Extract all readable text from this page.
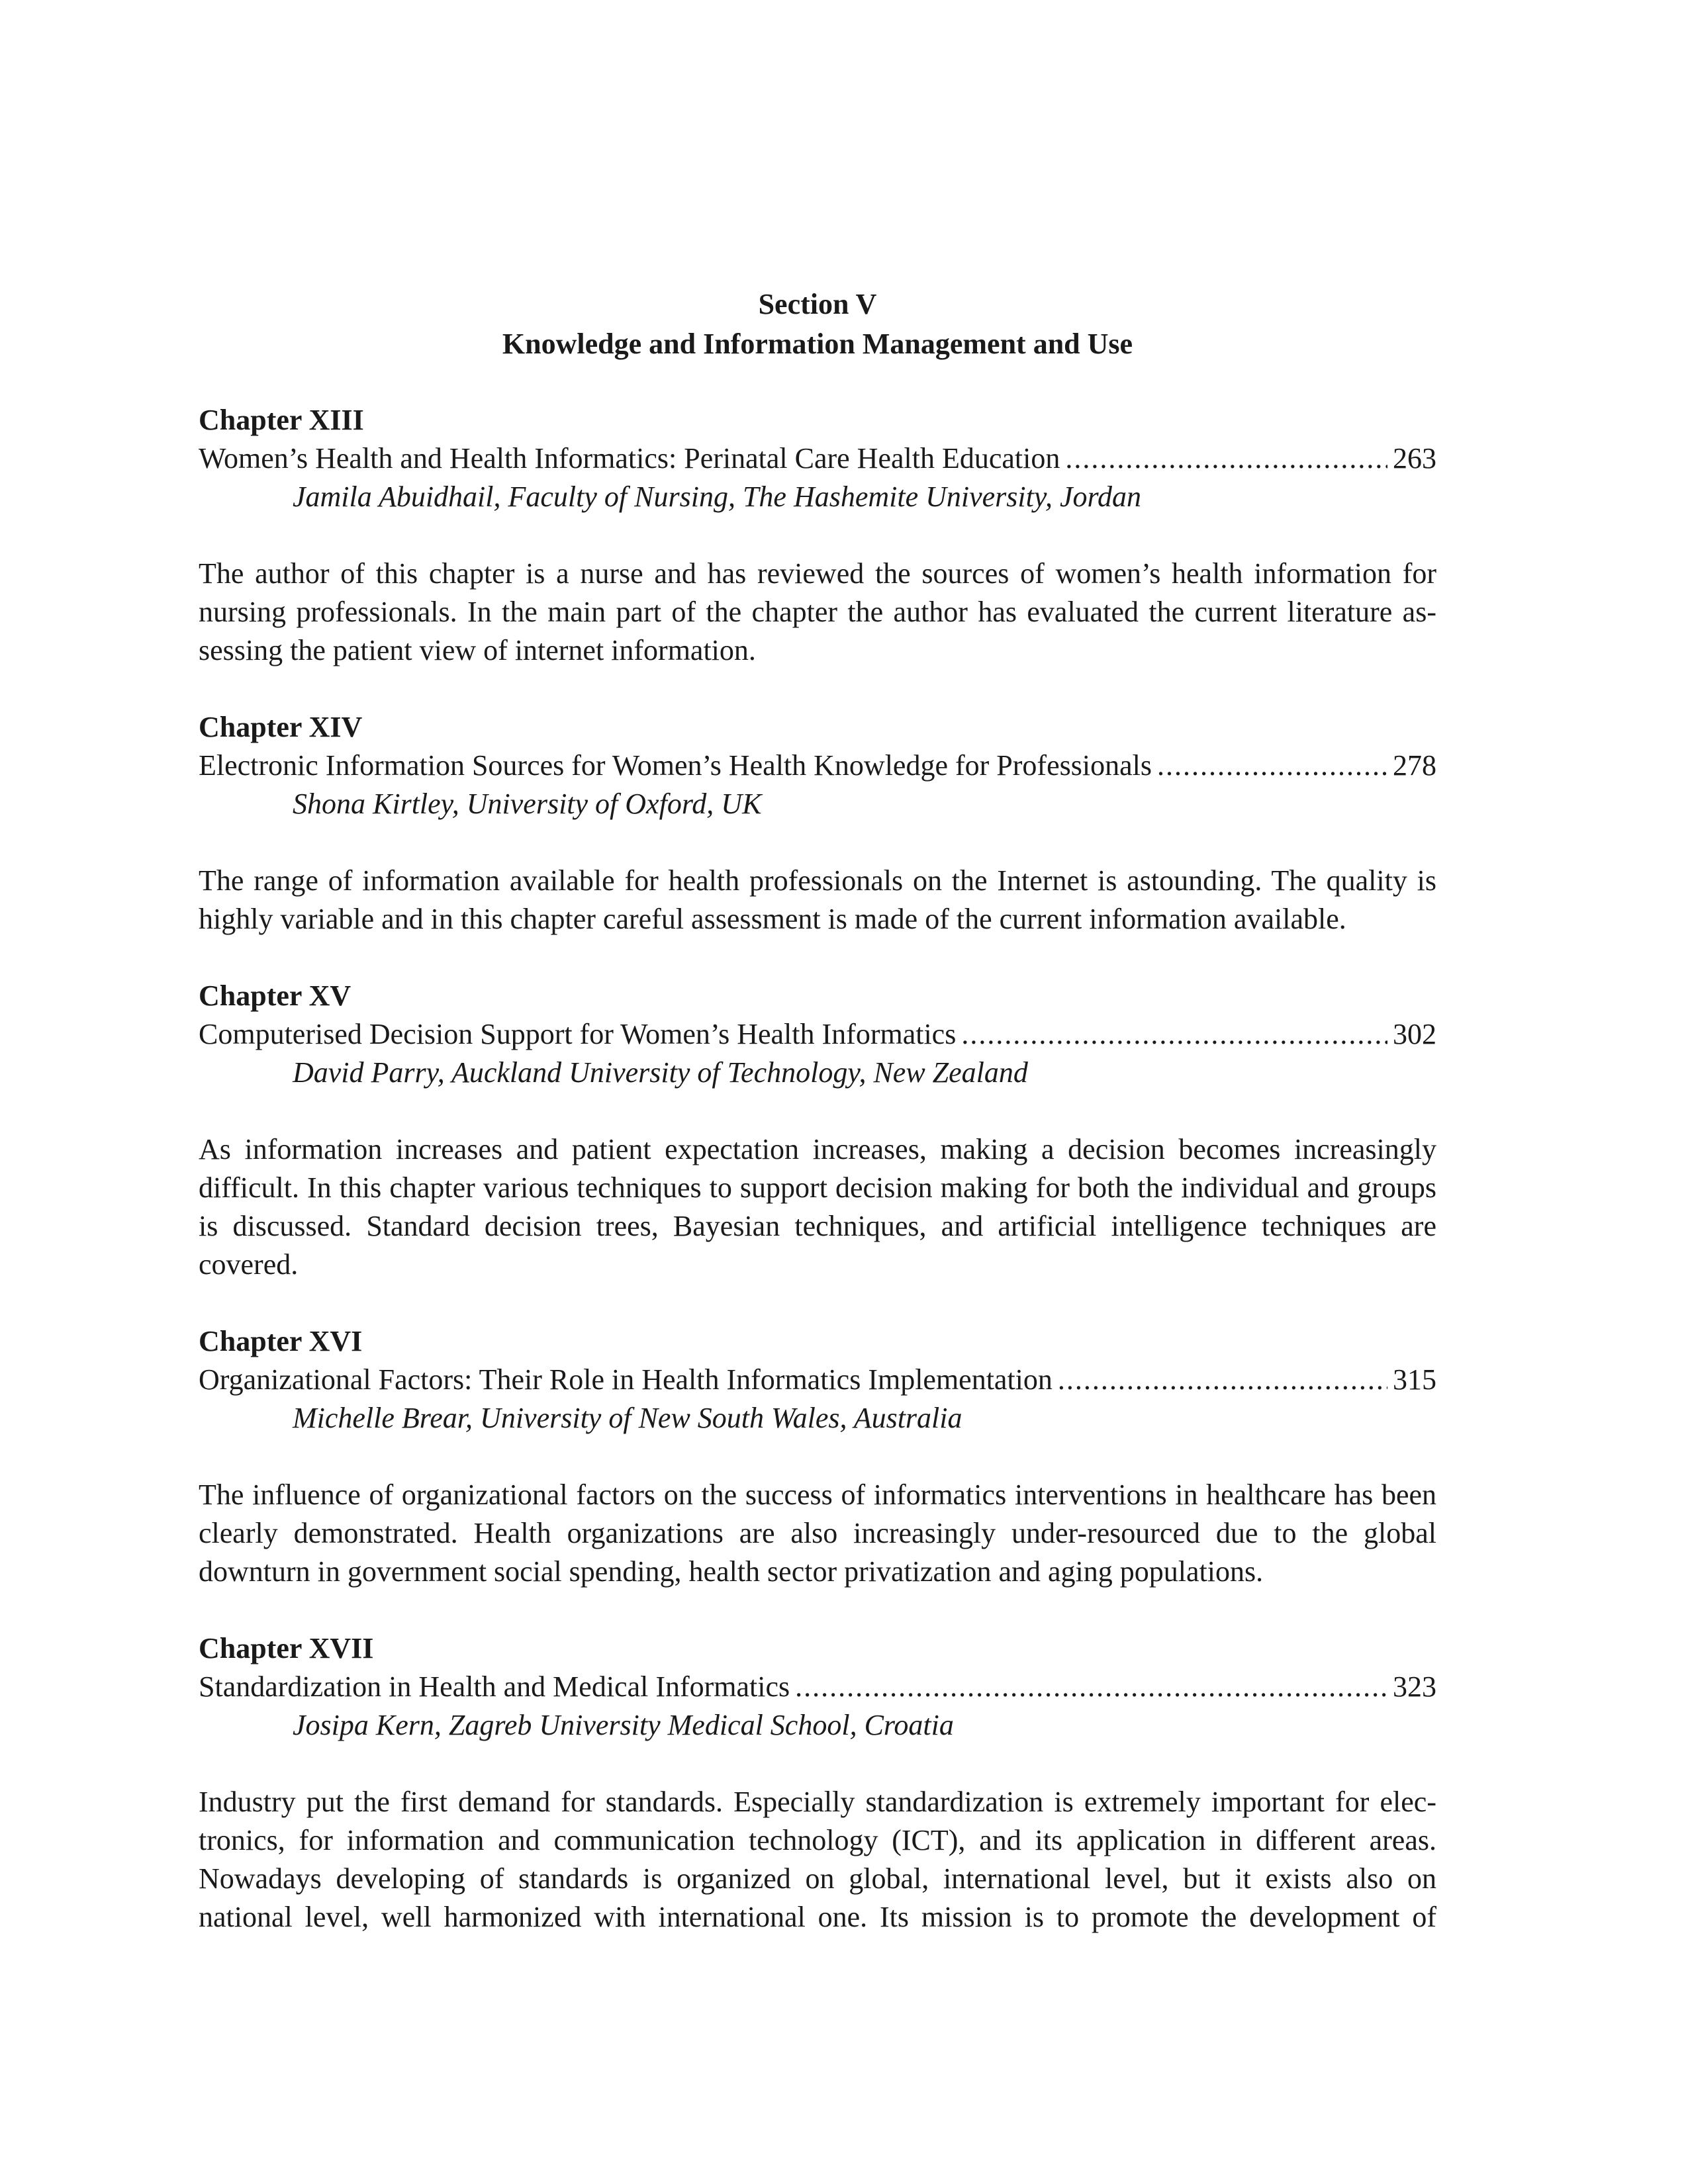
Section V
Knowledge and Information Management and Use
Chapter XIII
Women’s Health and Health Informatics: Perinatal Care Health Education .....	263
Jamila Abuidhail, Faculty of Nursing, The Hashemite University, Jordan
The author of this chapter is a nurse and has reviewed the sources of women’s health information for nursing professionals. In the main part of the chapter the author has evaluated the current literature assessing the patient view of internet information.
Chapter XIV
Electronic Information Sources for Women’s Health Knowledge for Professionals .....	278
Shona Kirtley, University of Oxford, UK
The range of information available for health professionals on the Internet is astounding. The quality is highly variable and in this chapter careful assessment is made of the current information available.
Chapter XV
Computerised Decision Support for Women’s Health Informatics .....	302
David Parry, Auckland University of Technology, New Zealand
As information increases and patient expectation increases, making a decision becomes increasingly difficult. In this chapter various techniques to support decision making for both the individual and groups is discussed. Standard decision trees, Bayesian techniques, and artificial intelligence techniques are covered.
Chapter XVI
Organizational Factors: Their Role in Health Informatics Implementation .....	315
Michelle Brear, University of New South Wales, Australia
The influence of organizational factors on the success of informatics interventions in healthcare has been clearly demonstrated. Health organizations are also increasingly under-resourced due to the global downturn in government social spending, health sector privatization and aging populations.
Chapter XVII
Standardization in Health and Medical Informatics .....	323
Josipa Kern, Zagreb University Medical School, Croatia
Industry put the first demand for standards. Especially standardization is extremely important for electronics, for information and communication technology (ICT), and its application in different areas. Nowadays developing of standards is organized on global, international level, but it exists also on national level, well harmonized with international one. Its mission is to promote the development of
